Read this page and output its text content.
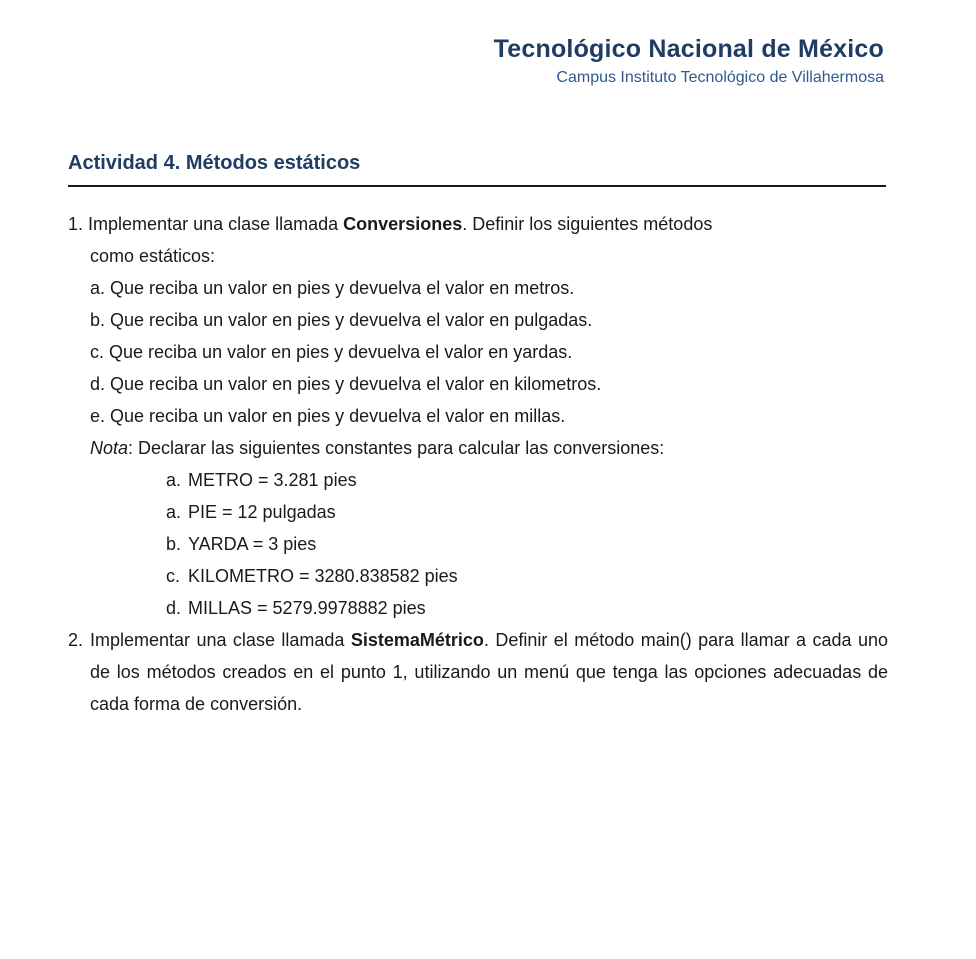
Tecnológico Nacional de México
Campus Instituto Tecnológico de Villahermosa
Actividad 4. Métodos estáticos
1. Implementar una clase llamada Conversiones. Definir los siguientes métodos
como estáticos:
a. Que reciba un valor en pies y devuelva el valor en metros.
b. Que reciba un valor en pies y devuelva el valor en pulgadas.
c. Que reciba un valor en pies y devuelva el valor en yardas.
d. Que reciba un valor en pies y devuelva el valor en kilometros.
e. Que reciba un valor en pies y devuelva el valor en millas.
Nota: Declarar las siguientes constantes para calcular las conversiones:
a. METRO = 3.281 pies
a. PIE = 12 pulgadas
b. YARDA = 3 pies
c. KILOMETRO = 3280.838582 pies
d. MILLAS = 5279.9978882 pies
2. Implementar una clase llamada SistemaMétrico. Definir el método main() para llamar a cada uno de los métodos creados en el punto 1, utilizando un menú que tenga las opciones adecuadas de cada forma de conversión.
